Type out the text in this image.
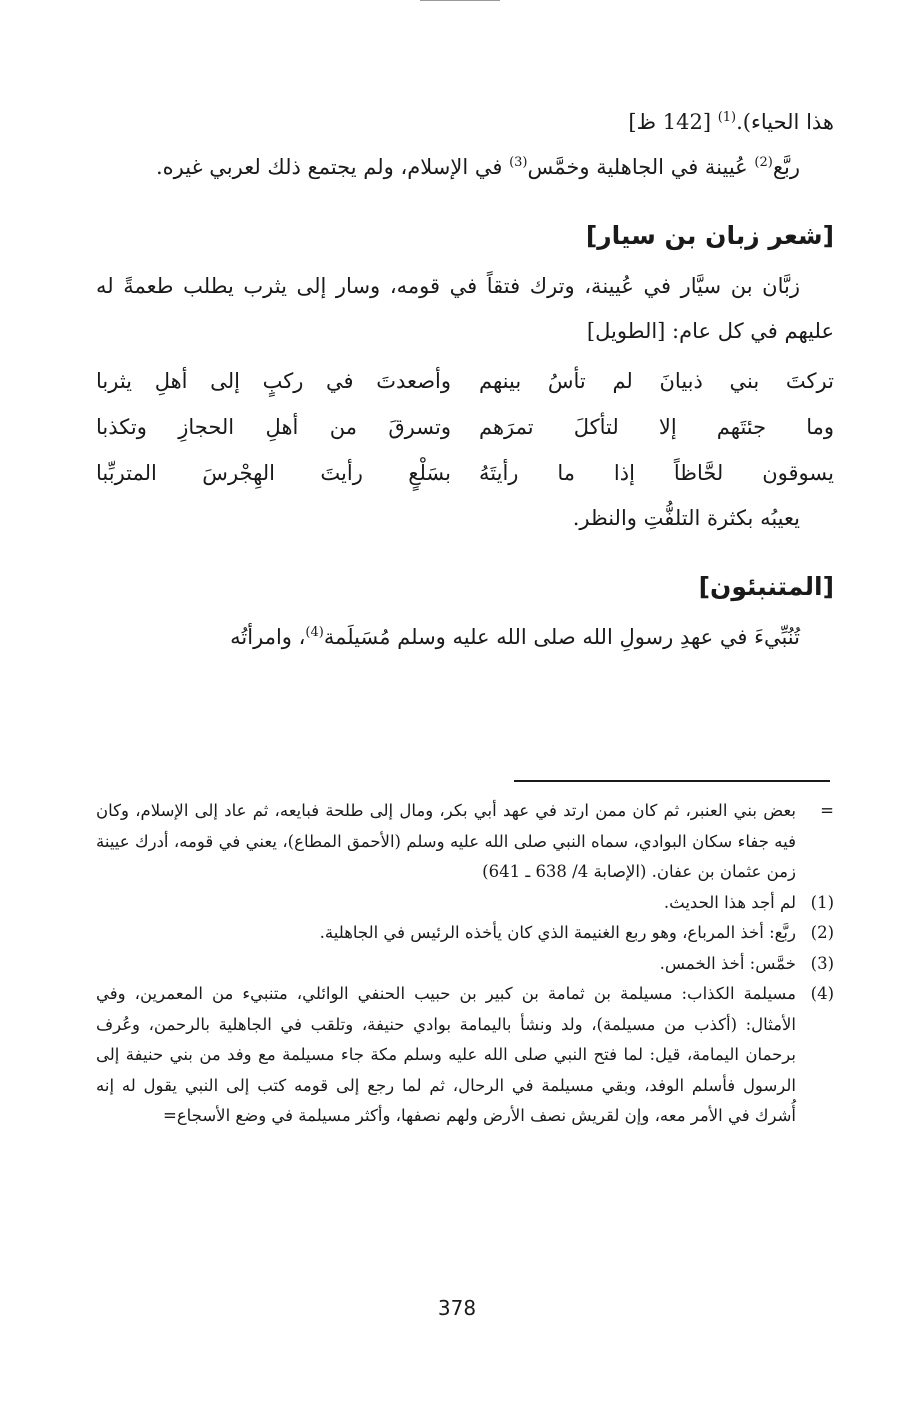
هذا الحياء).$^{(1)}$ [142 ظ]

ربَّع$^{(2)}$ عُيينة في الجاهلية وخمَّس$^{(3)}$ في الإسلام، ولم يجتمع ذلك لعربي غيره.

[شعر زبان بن سيار]

زبَّان بن سيَّار في عُيينة، وترك فتقاً في قومه، وسار إلى يثرب يطلب طعمةً له عليهم في كل عام: [الطويل]

تركتَ بني ذبيانَ لم تأسُ بينهم
وأصعدتَ في ركبٍ إلى أهلِ يثربا
وما جئتَهم إلا لتأكلَ تمرَهم
وتسرقَ من أهلِ الحجازِ وتكذبا
يسوقون لحَّاظاً إذا ما رأيتَهُ
بسَلْعٍ رأيتَ الهِجْرسَ المتربِّبا

يعيبُه بكثرة التلفُّتِ والنظر.

[المتنبئون]

تُنُبِّيءَ في عهدِ رسولِ الله صلى الله عليه وسلم مُسَيلَمة$^{(4)}$، وامرأتُه

=
بعض بني العنبر، ثم كان ممن ارتد في عهد أبي بكر، ومال إلى طلحة فبايعه، ثم عاد إلى الإسلام، وكان فيه جفاء سكان البوادي، سماه النبي صلى الله عليه وسلم (الأحمق المطاع)، يعني في قومه، أدرك عيينة زمن عثمان بن عفان. (الإصابة 4/ 638 ـ 641)
(1)
لم أجد هذا الحديث.
(2)
ربَّع: أخذ المرباع، وهو ربع الغنيمة الذي كان يأخذه الرئيس في الجاهلية.
(3)
خمَّس: أخذ الخمس.
(4)
مسيلمة الكذاب: مسيلمة بن ثمامة بن كبير بن حبيب الحنفي الوائلي، متنبيء من المعمرين، وفي الأمثال: (أكذب من مسيلمة)، ولد ونشأ باليمامة بوادي حنيفة، وتلقب في الجاهلية بالرحمن، وعُرف برحمان اليمامة، قيل: لما فتح النبي صلى الله عليه وسلم مكة جاء مسيلمة مع وفد من بني حنيفة إلى الرسول فأسلم الوفد، وبقي مسيلمة في الرحال، ثم لما رجع إلى قومه كتب إلى النبي يقول له إنه أُشرك في الأمر معه، وإن لقريش نصف الأرض ولهم نصفها، وأكثر مسيلمة في وضع الأسجاع=
378
